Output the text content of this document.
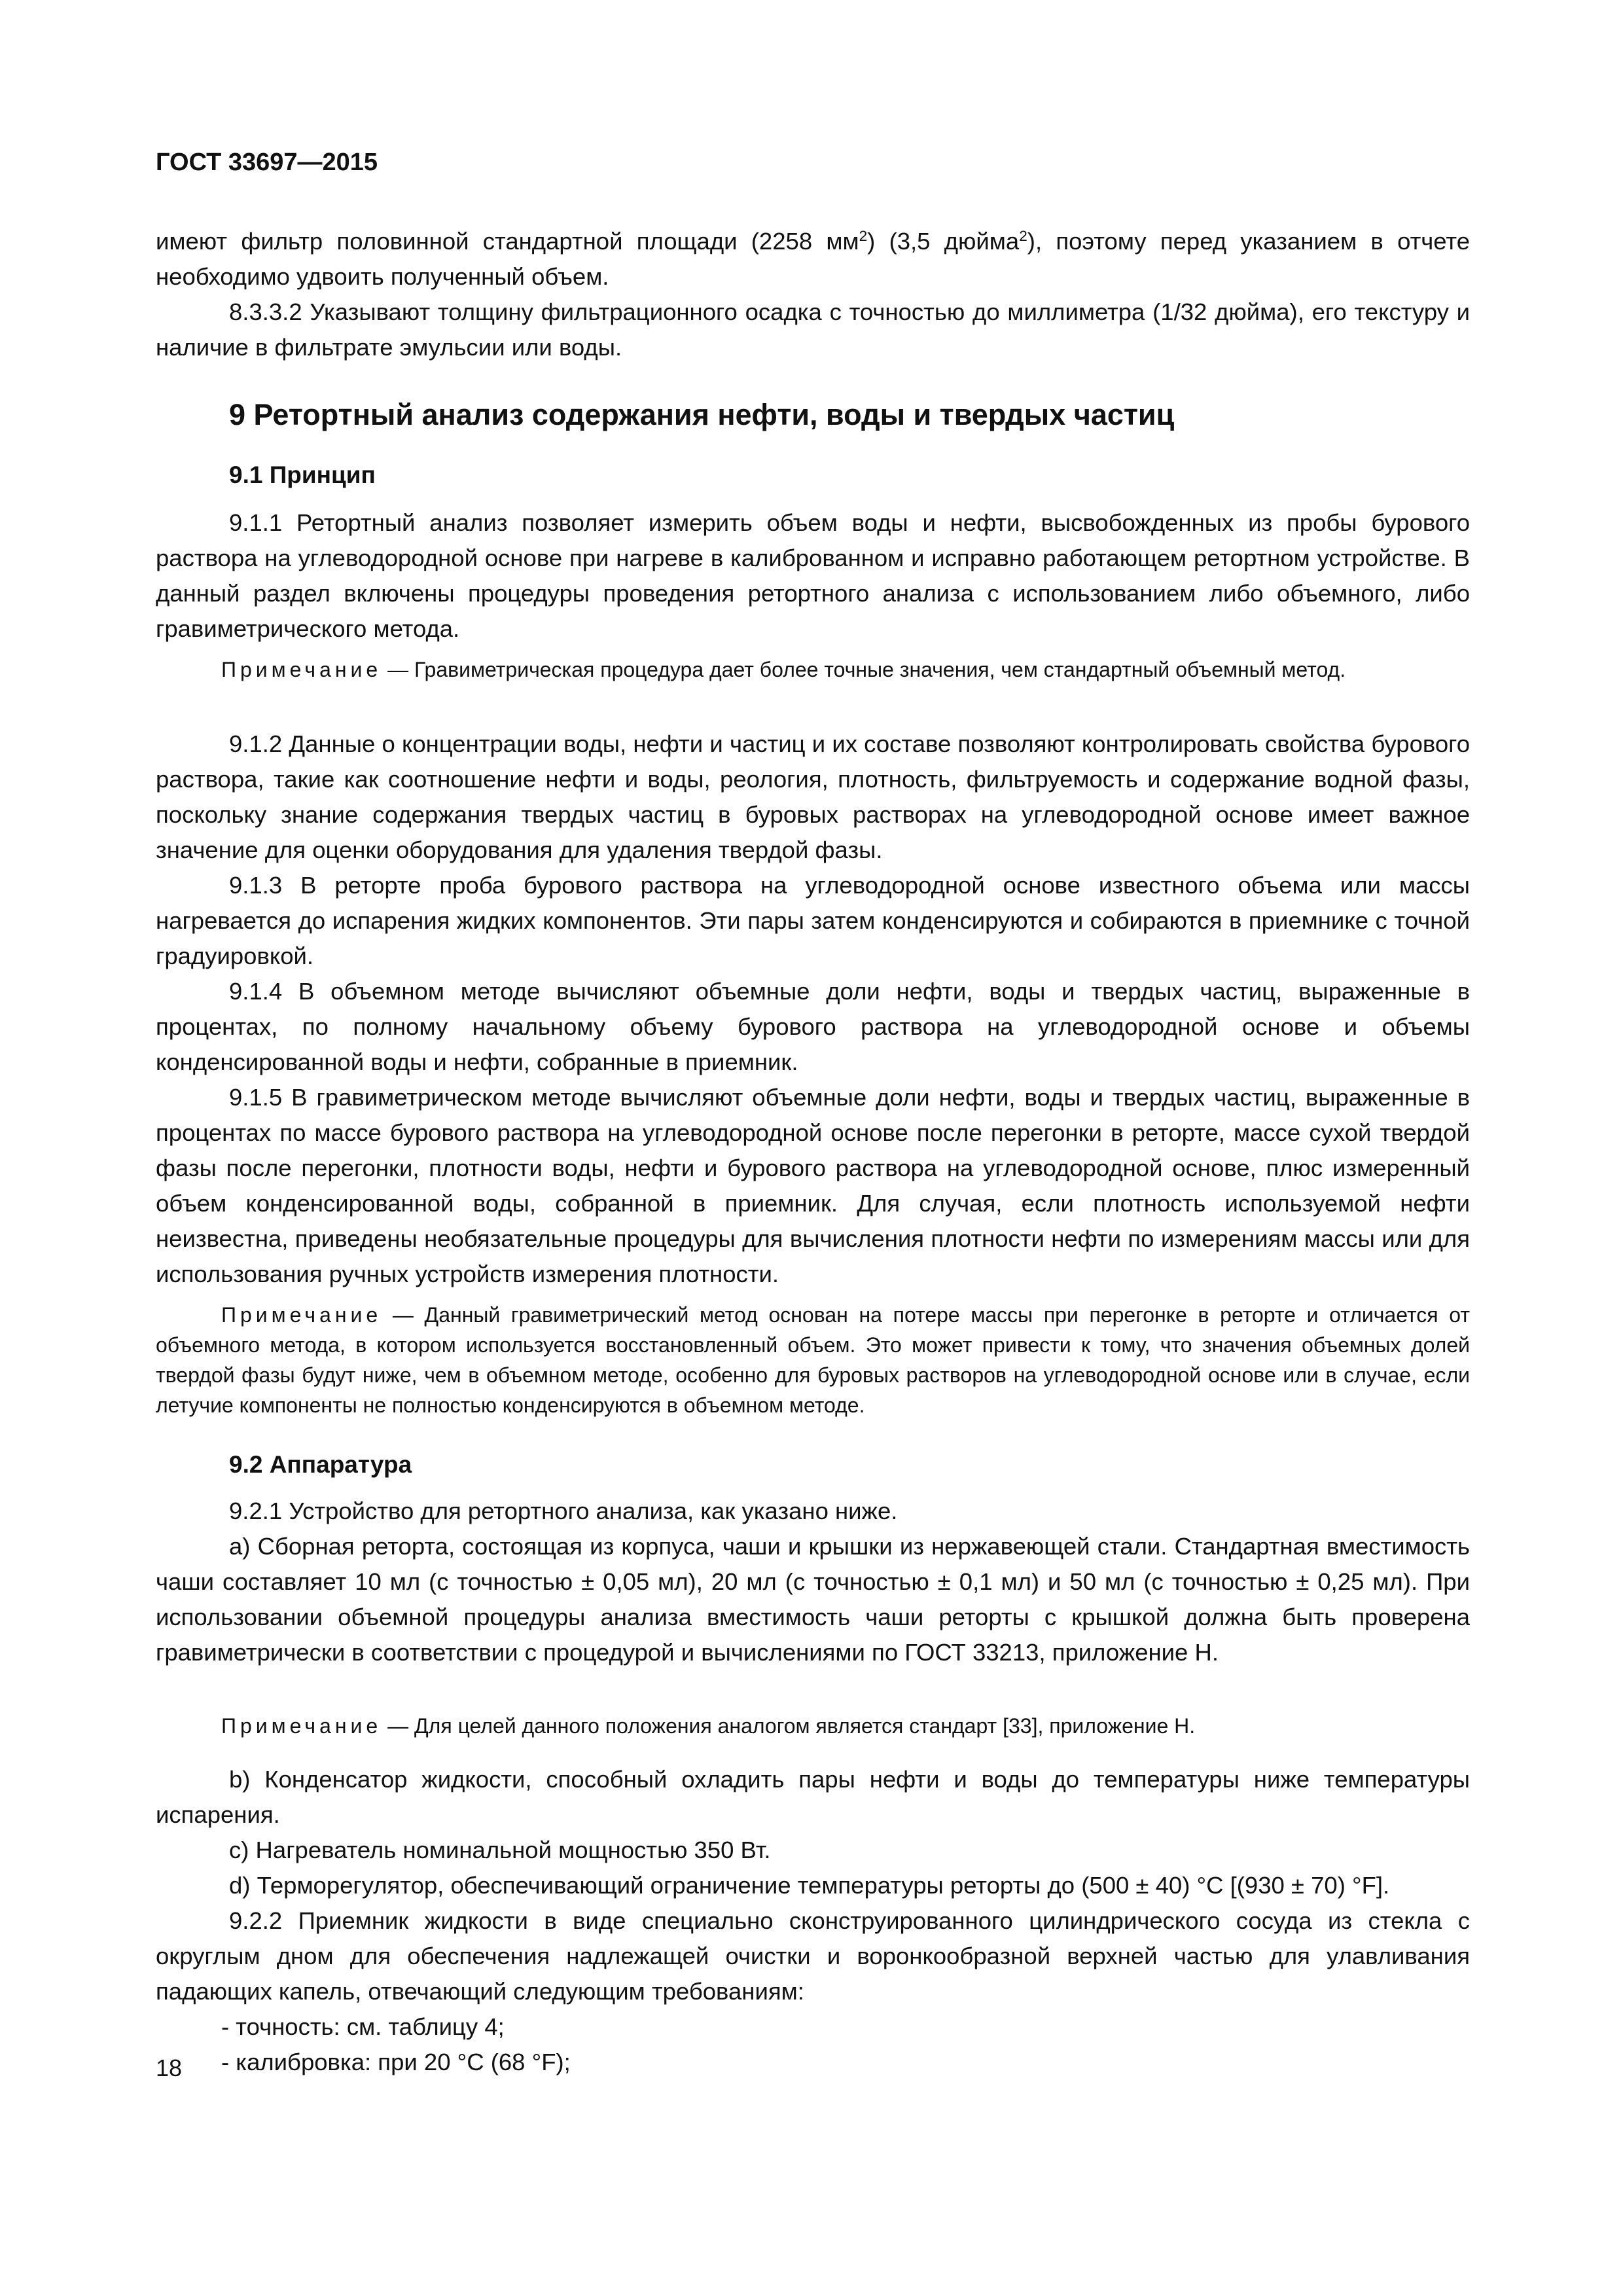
ГОСТ 33697—2015

имеют фильтр половинной стандартной площади (2258 $мм^2$) (3,5 дюйма$^2$), поэтому перед указанием в отчете необходимо удвоить полученный объем.

8.3.3.2 Указывают толщину фильтрационного осадка с точностью до миллиметра (1/32 дюйма), его текстуру и наличие в фильтрате эмульсии или воды.

9 Ретортный анализ содержания нефти, воды и твердых частиц
9.1 Принцип

9.1.1 Ретортный анализ позволяет измерить объем воды и нефти, высвобожденных из пробы бурового раствора на углеводородной основе при нагреве в калиброванном и исправно работающем ретортном устройстве. В данный раздел включены процедуры проведения ретортного анализа с использованием либо объемного, либо гравиметрического метода.

Примечание — Гравиметрическая процедура дает более точные значения, чем стандартный объемный метод.

9.1.2 Данные о концентрации воды, нефти и частиц и их составе позволяют контролировать свойства бурового раствора, такие как соотношение нефти и воды, реология, плотность, фильтруемость и содержание водной фазы, поскольку знание содержания твердых частиц в буровых растворах на углеводородной основе имеет важное значение для оценки оборудования для удаления твердой фазы.

9.1.3 В реторте проба бурового раствора на углеводородной основе известного объема или массы нагревается до испарения жидких компонентов. Эти пары затем конденсируются и собираются в приемнике с точной градуировкой.

9.1.4 В объемном методе вычисляют объемные доли нефти, воды и твердых частиц, выраженные в процентах, по полному начальному объему бурового раствора на углеводородной основе и объемы конденсированной воды и нефти, собранные в приемник.

9.1.5 В гравиметрическом методе вычисляют объемные доли нефти, воды и твердых частиц, выраженные в процентах по массе бурового раствора на углеводородной основе после перегонки в реторте, массе сухой твердой фазы после перегонки, плотности воды, нефти и бурового раствора на углеводородной основе, плюс измеренный объем конденсированной воды, собранной в приемник. Для случая, если плотность используемой нефти неизвестна, приведены необязательные процедуры для вычисления плотности нефти по измерениям массы или для использования ручных устройств измерения плотности.

Примечание — Данный гравиметрический метод основан на потере массы при перегонке в реторте и отличается от объемного метода, в котором используется восстановленный объем. Это может привести к тому, что значения объемных долей твердой фазы будут ниже, чем в объемном методе, особенно для буровых растворов на углеводородной основе или в случае, если летучие компоненты не полностью конденсируются в объемном методе.

9.2 Аппаратура

9.2.1 Устройство для ретортного анализа, как указано ниже.

а) Сборная реторта, состоящая из корпуса, чаши и крышки из нержавеющей стали. Стандартная вместимость чаши составляет 10 мл (с точностью ± 0,05 мл), 20 мл (с точностью ± 0,1 мл) и 50 мл (с точностью ± 0,25 мл). При использовании объемной процедуры анализа вместимость чаши реторты с крышкой должна быть проверена гравиметрически в соответствии с процедурой и вычислениями по ГОСТ 33213, приложение Н.

Примечание — Для целей данного положения аналогом является стандарт [33], приложение Н.

b) Конденсатор жидкости, способный охладить пары нефти и воды до температуры ниже температуры испарения.

c) Нагреватель номинальной мощностью 350 Вт.

d) Терморегулятор, обеспечивающий ограничение температуры реторты до (500 ± 40) °С [(930 ± 70) °F].

9.2.2 Приемник жидкости в виде специально сконструированного цилиндрического сосуда из стекла с округлым дном для обеспечения надлежащей очистки и воронкообразной верхней частью для улавливания падающих капель, отвечающий следующим требованиям:

- точность: см. таблицу 4;

- калибровка: при 20 °С (68 °F);

18
